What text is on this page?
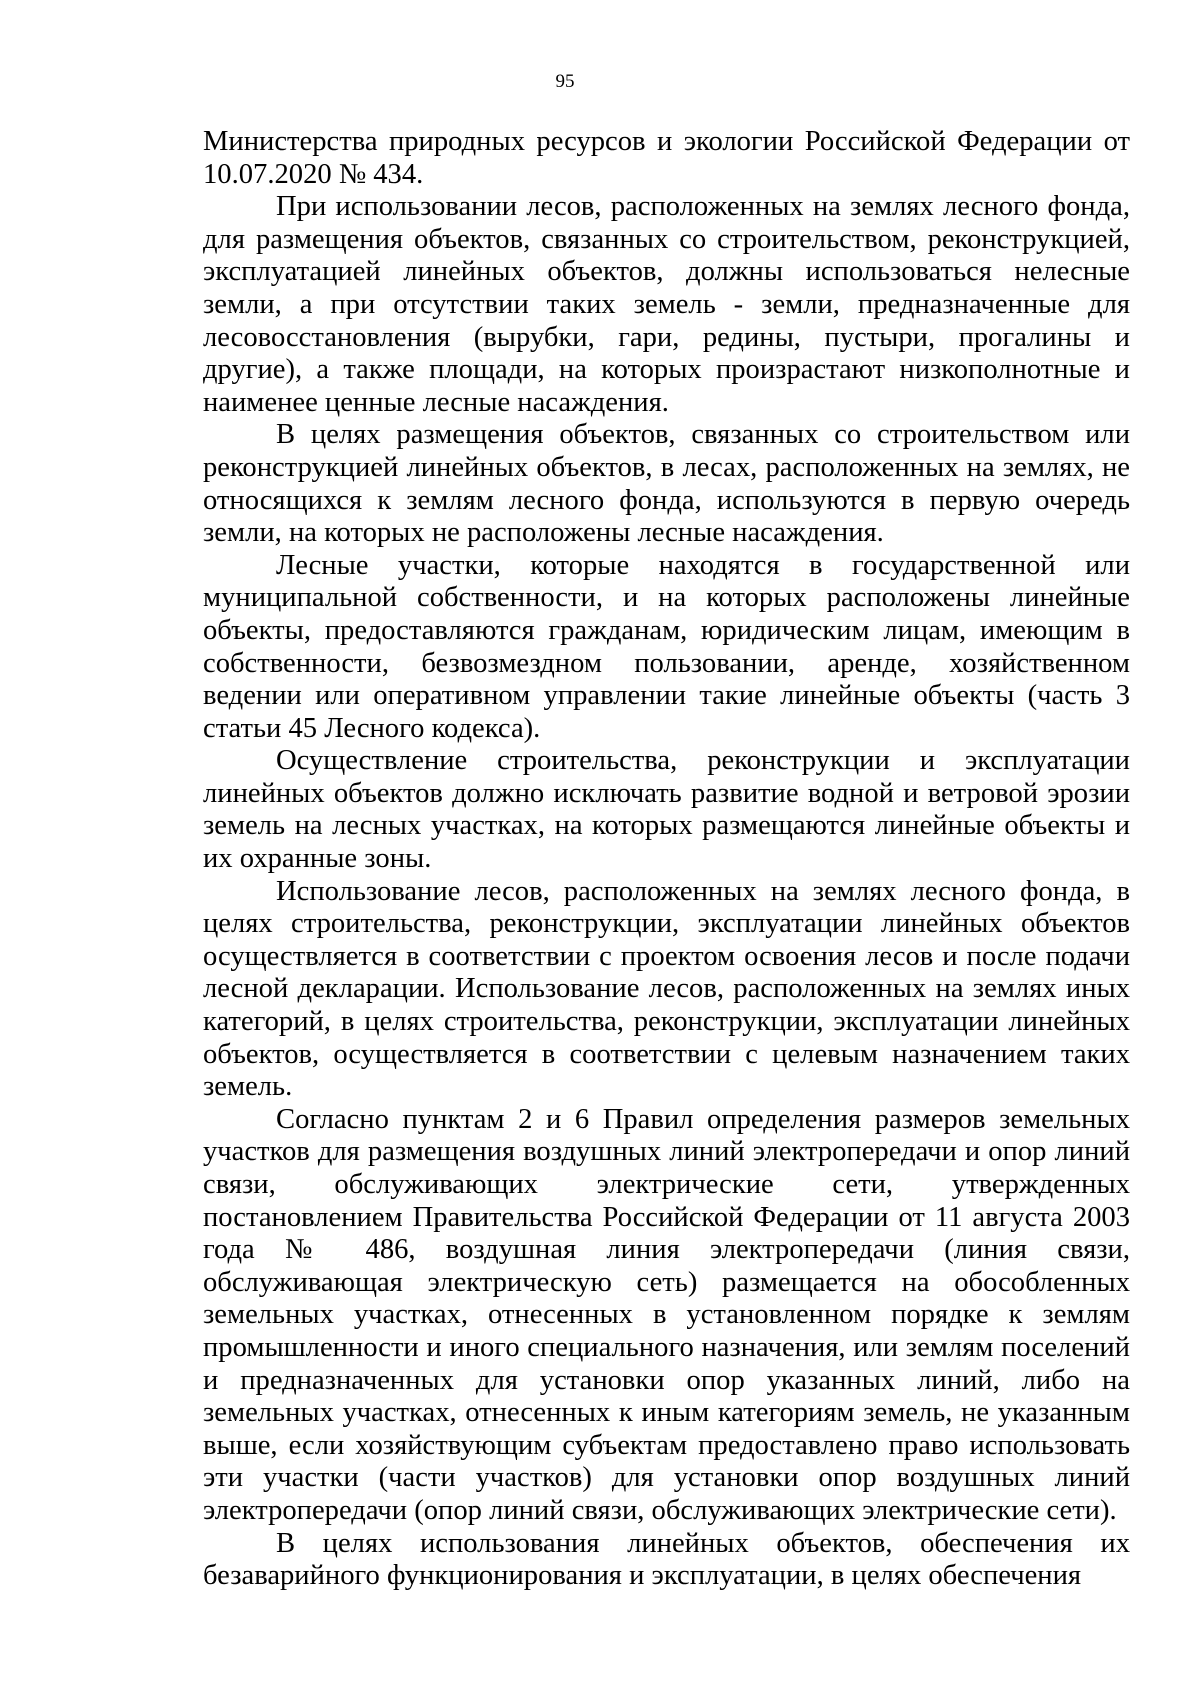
95

Министерства природных ресурсов и экологии Российской Федерации от 10.07.2020 № 434.

При использовании лесов, расположенных на землях лесного фонда, для размещения объектов, связанных со строительством, реконструкцией, эксплуатацией линейных объектов, должны использоваться нелесные земли, а при отсутствии таких земель - земли, предназначенные для лесовосстановления (вырубки, гари, редины, пустыри, прогалины и другие), а также площади, на которых произрастают низкополнотные и наименее ценные лесные насаждения.

В целях размещения объектов, связанных со строительством или реконструкцией линейных объектов, в лесах, расположенных на землях, не относящихся к землям лесного фонда, используются в первую очередь земли, на которых не расположены лесные насаждения.

Лесные участки, которые находятся в государственной или муниципальной собственности, и на которых расположены линейные объекты, предоставляются гражданам, юридическим лицам, имеющим в собственности, безвозмездном пользовании, аренде, хозяйственном ведении или оперативном управлении такие линейные объекты (часть 3 статьи 45 Лесного кодекса).

Осуществление строительства, реконструкции и эксплуатации линейных объектов должно исключать развитие водной и ветровой эрозии земель на лесных участках, на которых размещаются линейные объекты и их охранные зоны.

Использование лесов, расположенных на землях лесного фонда, в целях строительства, реконструкции, эксплуатации линейных объектов осуществляется в соответствии с проектом освоения лесов и после подачи лесной декларации. Использование лесов, расположенных на землях иных категорий, в целях строительства, реконструкции, эксплуатации линейных объектов, осуществляется в соответствии с целевым назначением таких земель.

Согласно пунктам 2 и 6 Правил определения размеров земельных участков для размещения воздушных линий электропередачи и опор линий связи, обслуживающих электрические сети, утвержденных постановлением Правительства Российской Федерации от 11 августа 2003 года № 486, воздушная линия электропередачи (линия связи, обслуживающая электрическую сеть) размещается на обособленных земельных участках, отнесенных в установленном порядке к землям промышленности и иного специального назначения, или землям поселений и предназначенных для установки опор указанных линий, либо на земельных участках, отнесенных к иным категориям земель, не указанным выше, если хозяйствующим субъектам предоставлено право использовать эти участки (части участков) для установки опор воздушных линий электропередачи (опор линий связи, обслуживающих электрические сети).

В целях использования линейных объектов, обеспечения их безаварийного функционирования и эксплуатации, в целях обеспечения
